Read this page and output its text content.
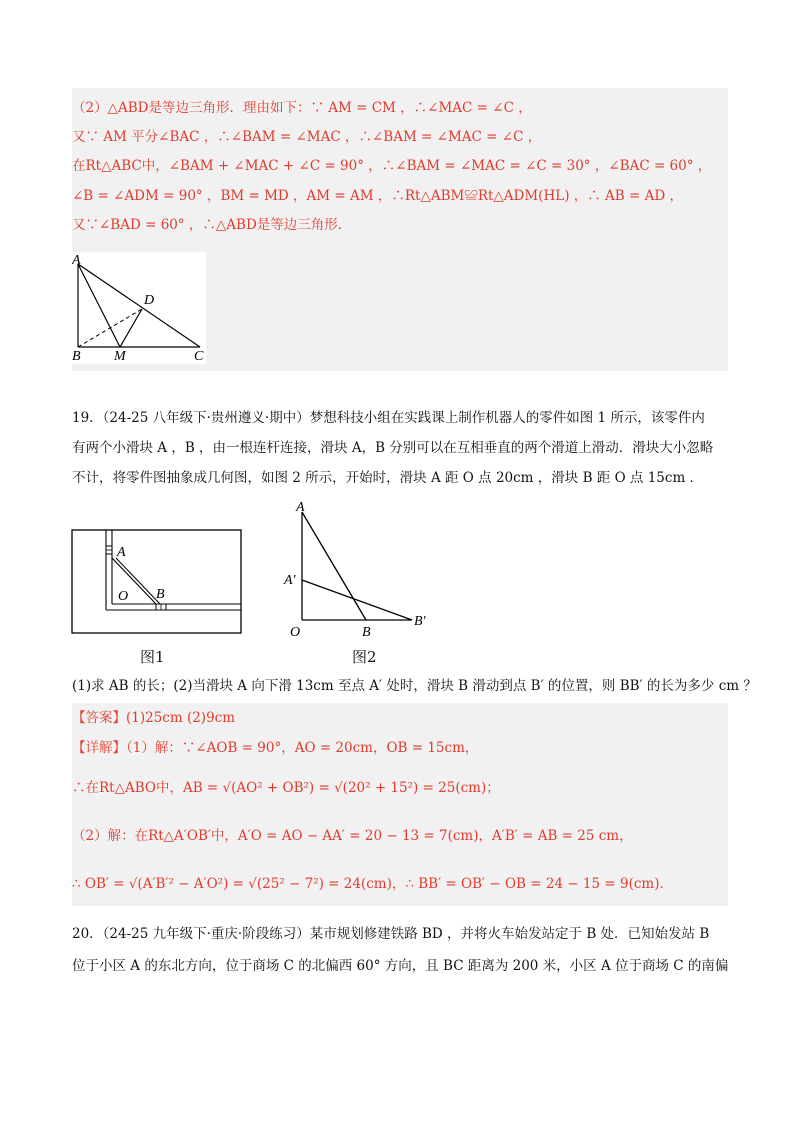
（2）△ABD是等边三角形．理由如下：∵ AM = CM ，∴∠MAC = ∠C ，
又∵ AM 平分∠BAC ，∴∠BAM = ∠MAC ，∴∠BAM = ∠MAC = ∠C ，
在Rt△ABC中，∠BAM + ∠MAC + ∠C = 90° ，∴∠BAM = ∠MAC = ∠C = 30° ，∠BAC = 60° ，
∠B = ∠ADM = 90° ，BM = MD ，AM = AM ，∴Rt△ABM≌Rt△ADM(HL) ，∴ AB = AD ，
又∵∠BAD = 60° ，∴△ABD是等边三角形．
A
D
B M	C
19．（24-25 八年级下·贵州遵义·期中）梦想科技小组在实践课上制作机器人的零件如图 1 所示，该零件内
有两个小滑块 A ，B ，由一根连杆连接，滑块 A，B 分别可以在互相垂直的两个滑道上滑动．滑块大小忽略
不计，将零件图抽象成几何图，如图 2 所示，开始时，滑块 A 距 O 点 20cm ，滑块 B 距 O 点 15cm ．
A
O B
图1
A
A′
O	B
B′
图2
(1)求 AB 的长；(2)当滑块 A 向下滑 13cm 至点 A′ 处时，滑块 B 滑动到点 B′ 的位置，则 BB′ 的长为多少 cm ？
【答案】(1)25cm (2)9cm
【详解】（1）解：∵∠AOB = 90°，AO = 20cm，OB = 15cm，
∴在Rt△ABO中，AB = √(AO² + OB²) = √(20² + 15²) = 25(cm)；
（2）解：在Rt△A′OB′中，A′O = AO − AA′ = 20 − 13 = 7(cm)，A′B′ = AB = 25 cm，
∴ OB′ = √(A′B′² − A′O²) = √(25² − 7²) = 24(cm)，∴ BB′ = OB′ − OB = 24 − 15 = 9(cm)．
20．（24-25 九年级下·重庆·阶段练习）某市规划修建铁路 BD ，并将火车始发站定于 B 处．已知始发站 B
位于小区 A 的东北方向，位于商场 C 的北偏西 60° 方向，且 BC 距离为 200 米，小区 A 位于商场 C 的南偏
